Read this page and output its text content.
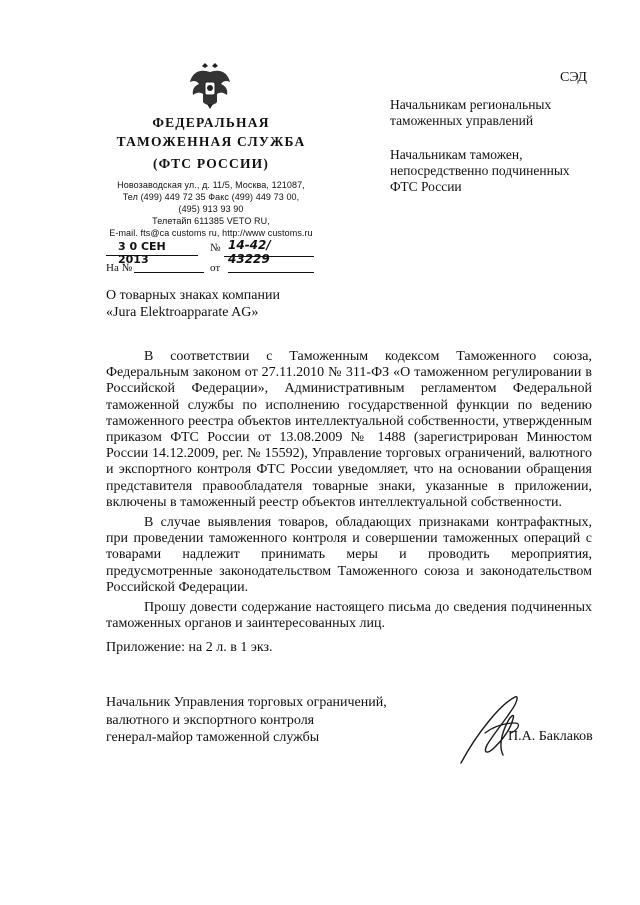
СЭД
ФЕДЕРАЛЬНАЯ
ТАМОЖЕННАЯ СЛУЖБА
(ФТС РОССИИ)
Новозаводская ул., д. 11/5, Москва, 121087,
Тел (499) 449 72 35 Факс (499) 449 73 00,
(495) 913 93 90
Телетайп 611385 VETO RU,
E-mail. fts@ca customs ru, http://www customs.ru
3 0 СЕН 2013
№ 14-42/ 43229
На №	от
Начальникам региональных
таможенных управлений
Начальникам таможен,
непосредственно подчиненных
ФТС России
О товарных знаках компании
«Jura Elektroapparate AG»

В соответствии с Таможенным кодексом Таможенного союза, Федеральным законом от 27.11.2010 № 311-ФЗ «О таможенном регулировании в Российской Федерации», Административным регламентом Федеральной таможенной службы по исполнению государственной функции по ведению таможенного реестра объектов интеллектуальной собственности, утвержденным приказом ФТС России от 13.08.2009 № 1488 (зарегистрирован Минюстом России 14.12.2009, рег. № 15592), Управление торговых ограничений, валютного и экспортного контроля ФТС России уведомляет, что на основании обращения представителя правообладателя товарные знаки, указанные в приложении, включены в таможенный реестр объектов интеллектуальной собственности.

В случае выявления товаров, обладающих признаками контрафактных, при проведении таможенного контроля и совершении таможенных операций с товарами надлежит принимать меры и проводить мероприятия, предусмотренные законодательством Таможенного союза и законодательством Российской Федерации.

Прошу довести содержание настоящего письма до сведения подчиненных таможенных органов и заинтересованных лиц.

Приложение: на 2 л. в 1 экз.
Начальник Управления торговых ограничений,
валютного и экспортного контроля
генерал-майор таможенной службы	П.А. Баклаков
